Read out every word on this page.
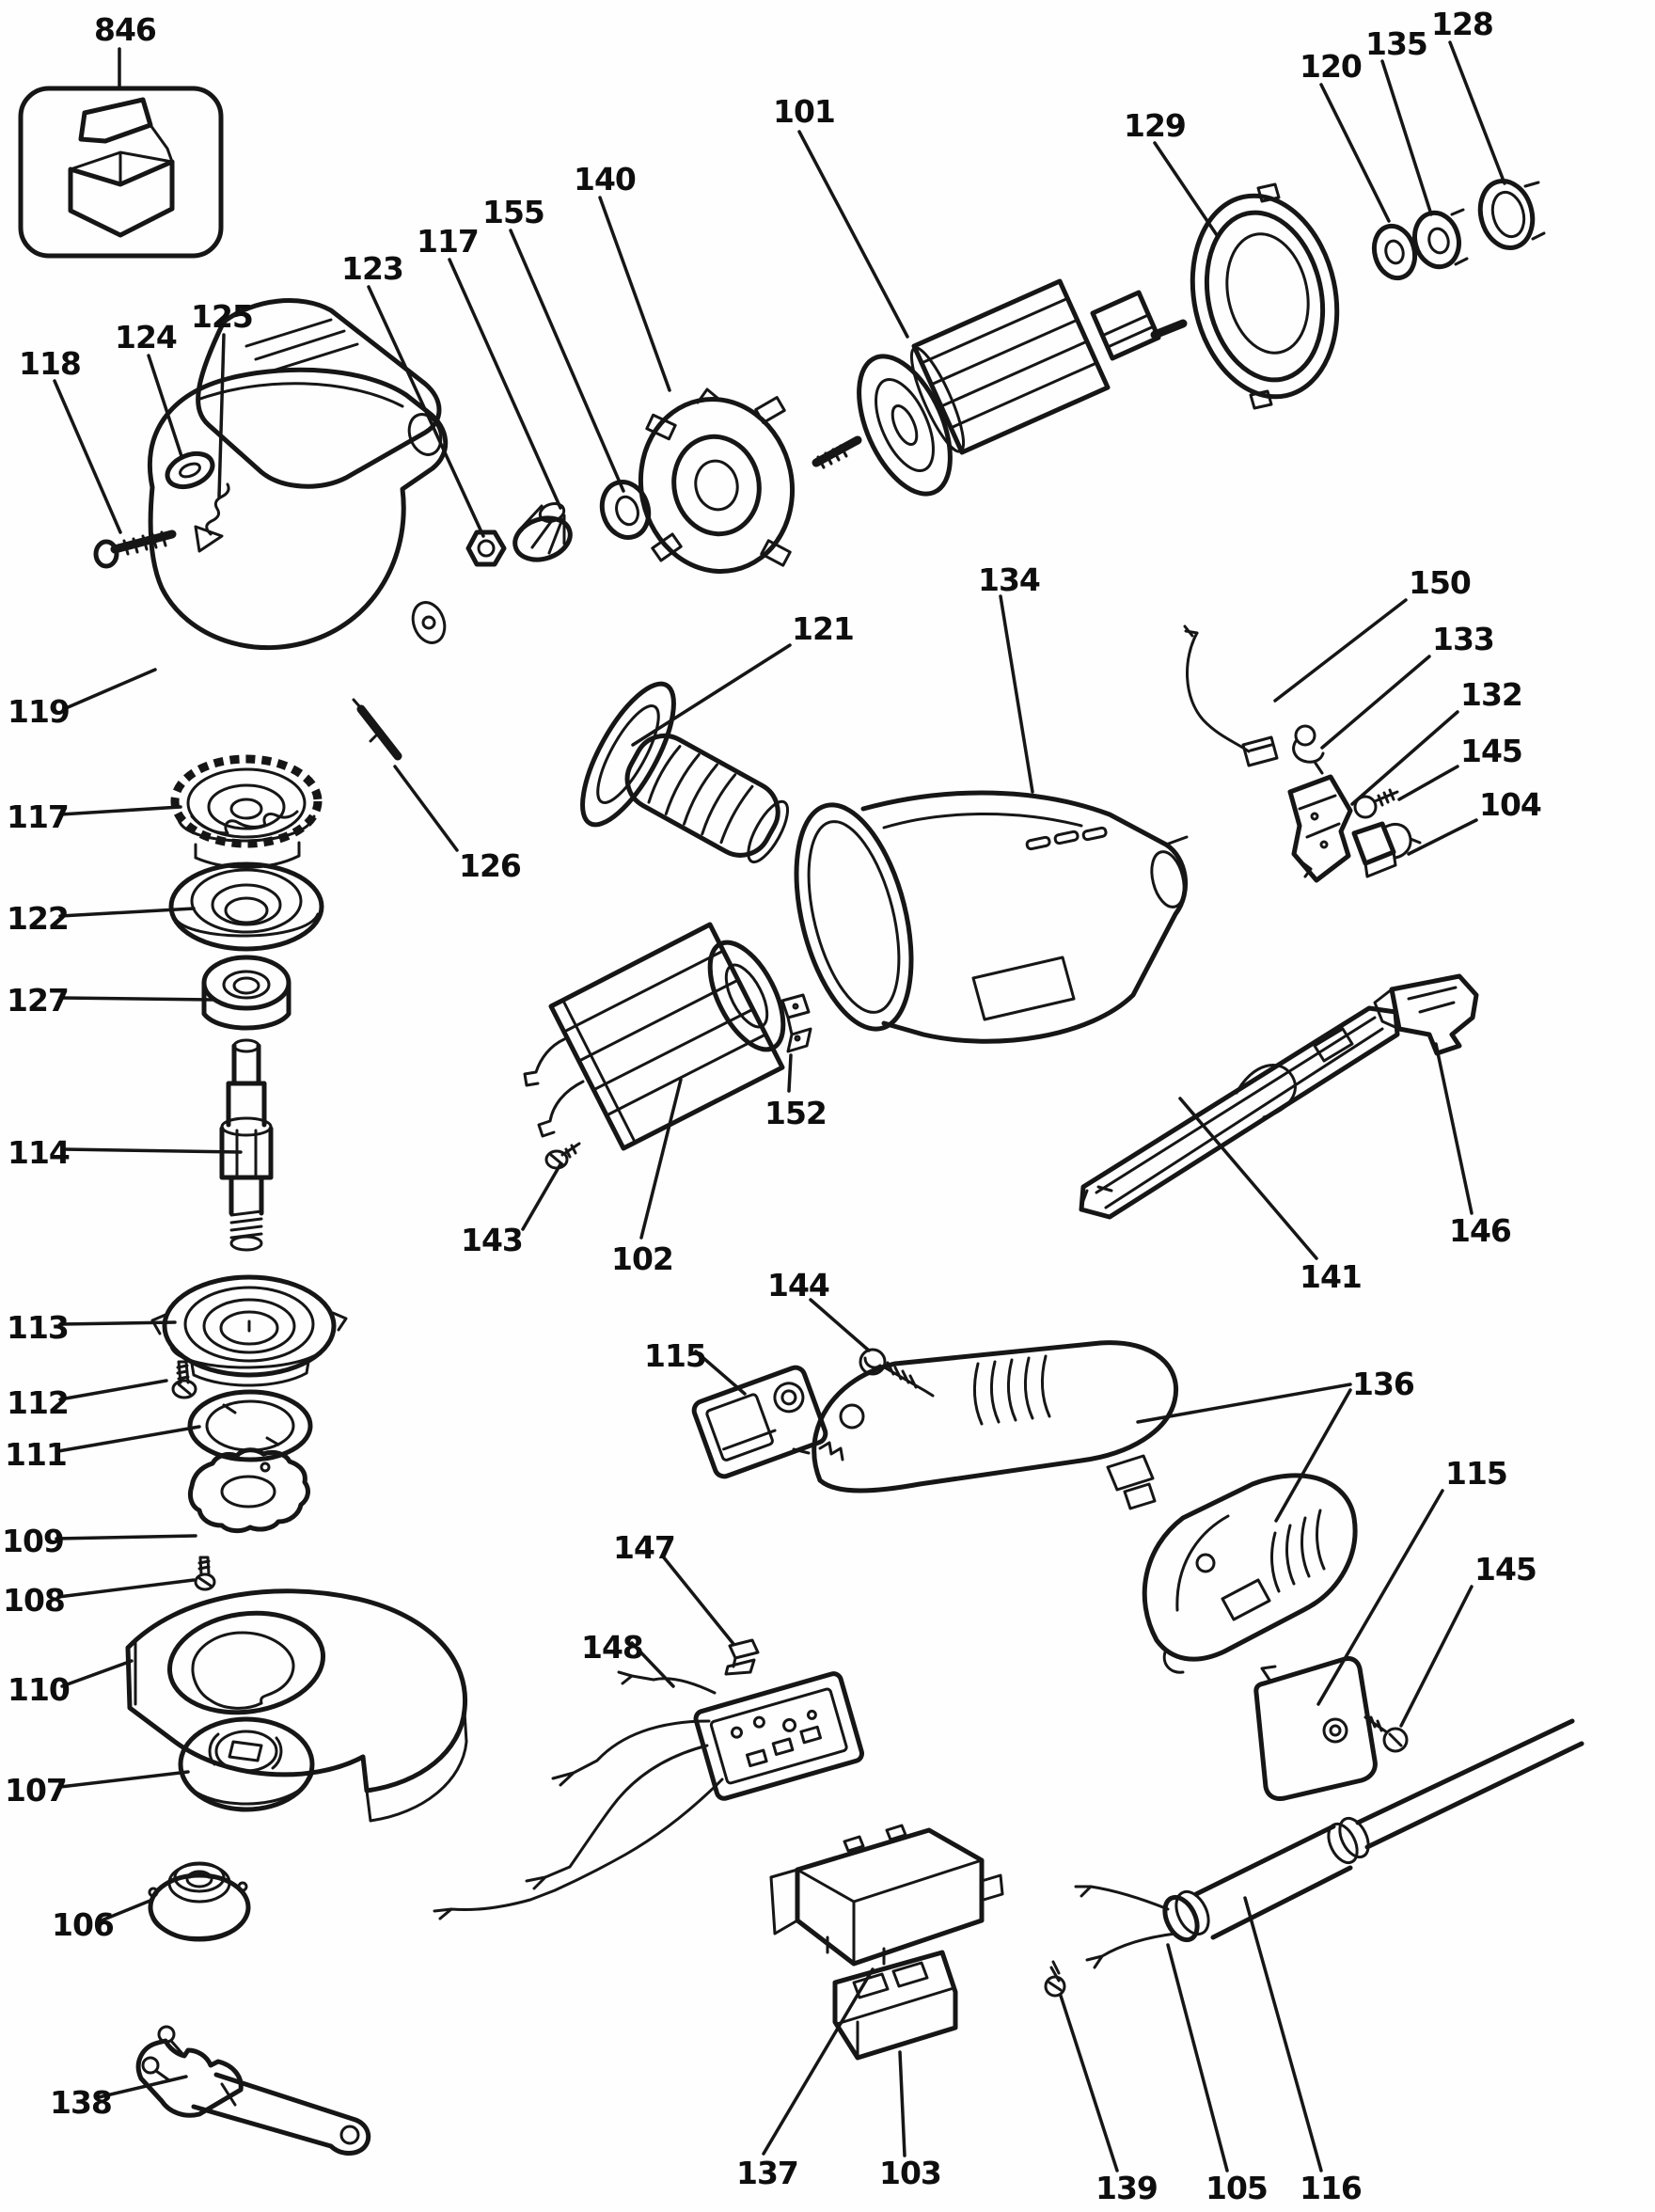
846
101	129
120
135
128
140
155
117
123
125
124
118
119
121
126
134	150
133
132
145
104
117
122
127
114
152
143
102
146
141
144
113
115
136
112
111
109	147
108
115
145
148
110
107
106
138
137	103	139 105 116
